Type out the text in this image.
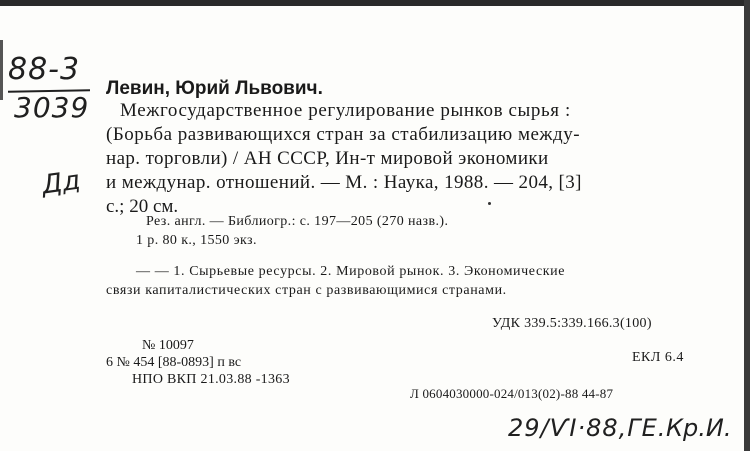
88-3
3039
Дд
Левин, Юрий Львович.
Межгосударственное регулирование рынков сырья :
(Борьба развивающихся стран за стабилизацию между-
нар. торговли) / АН СССР, Ин-т мировой экономики
и междунар. отношений. — М. : Наука, 1988. — 204, [3]
с.; 20 см.
Рез. англ. — Библиогр.: с. 197—205 (270 назв.).
1 р. 80 к., 1550 экз.
— — 1. Сырьевые ресурсы. 2. Мировой рынок. 3. Экономические
связи капиталистических стран с развивающимися странами.
УДК 339.5:339.166.3(100)
№ 10097
6 № 454 [88-0893] п вс	ЕКЛ 6.4
НПО ВКП 21.03.88 -1363
Л 0604030000-024/013(02)-88 44-87
29/ѴІ·88,ГЕ. Кр.И.
